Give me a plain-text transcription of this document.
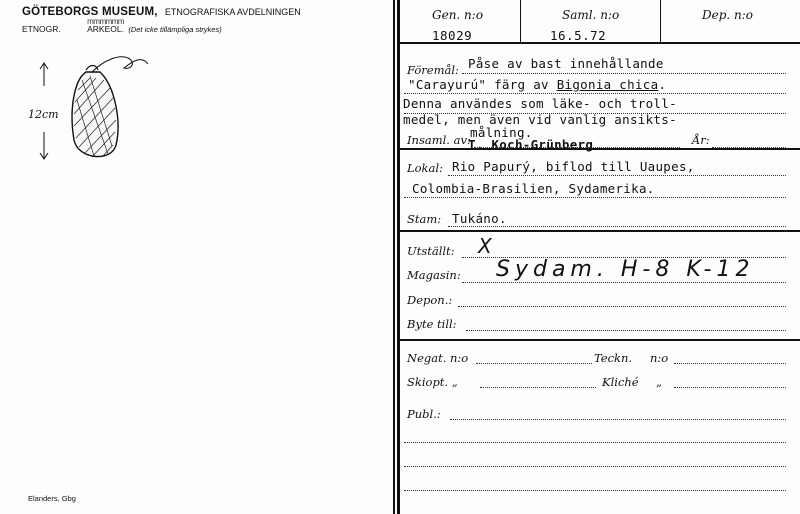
GÖTEBORGS MUSEUM, ETNOGRAFISKA AVDELNINGEN
ETNOGR.
mmmmmm
ARKEOL. (Det icke tillämpliga strykes)
12cm
Elanders, Gbg
Gen. n:o	Saml. n:o	Dep. n:o
18029	16.5.72
Föremål: Påse av bast innehållande
"Carayurú" färg av Bigonia chica.
Denna användes som läke- och troll-
medel, men även vid vanlig ansikts-
målning.
Insaml. av:
T. Koch-Grünberg	År:
Lokal: Rio Papurý, biflod till Uaupes,
Colombia-Brasilien, Sydamerika.
Stam: Tukáno.
Utställt: X
Magasin: Sydam. H-8 K-12
Depon.:
Byte till:
Negat. n:o	Teckn. n:o
Skiopt. „	Kliché „
Publ.:
